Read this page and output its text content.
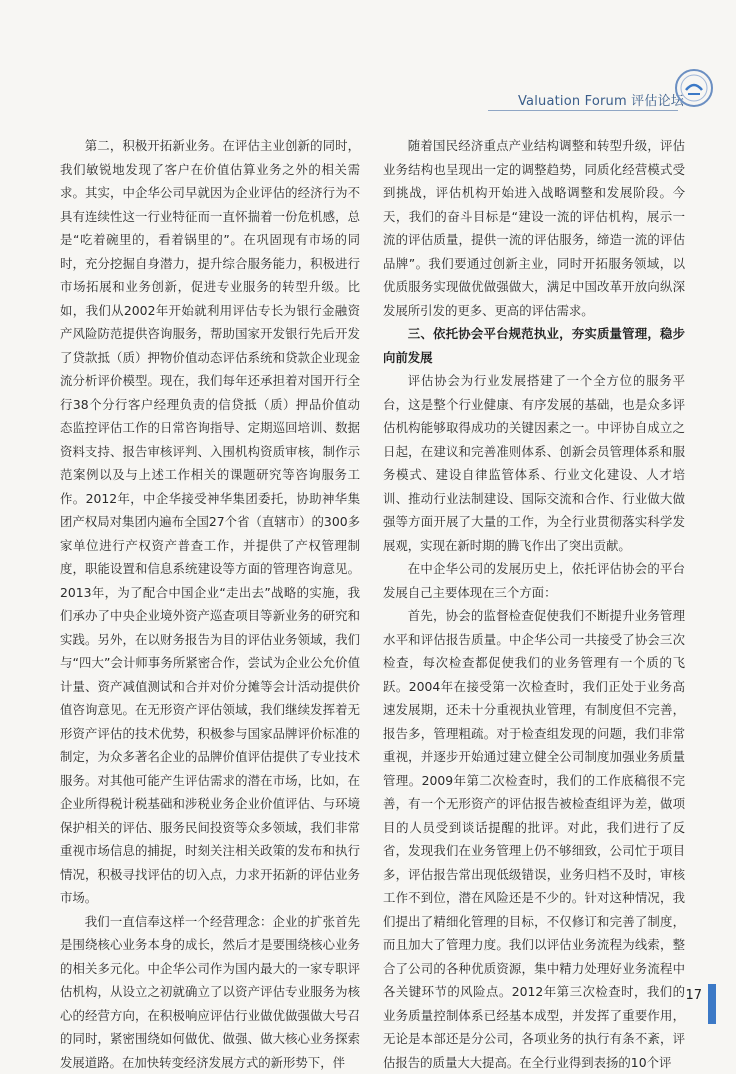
Valuation Forum 评估论坛

第二，积极开拓新业务。在评估主业创新的同时，我们敏锐地发现了客户在价值估算业务之外的相关需求。其实，中企华公司早就因为企业评估的经济行为不具有连续性这一行业特征而一直怀揣着一份危机感，总是“吃着碗里的，看着锅里的”。在巩固现有市场的同时，充分挖掘自身潜力，提升综合服务能力，积极进行市场拓展和业务创新，促进专业服务的转型升级。比如，我们从2002年开始就利用评估专长为银行金融资产风险防范提供咨询服务，帮助国家开发银行先后开发了贷款抵（质）押物价值动态评估系统和贷款企业现金流分析评价模型。现在，我们每年还承担着对国开行全行38个分行客户经理负责的信贷抵（质）押品价值动态监控评估工作的日常咨询指导、定期巡回培训、数据资料支持、报告审核评判、入围机构资质审核，制作示范案例以及与上述工作相关的课题研究等咨询服务工作。2012年，中企华接受神华集团委托，协助神华集团产权局对集团内遍布全国27个省（直辖市）的300多家单位进行产权资产普查工作，并提供了产权管理制度，职能设置和信息系统建设等方面的管理咨询意见。2013年，为了配合中国企业“走出去”战略的实施，我们承办了中央企业境外资产巡查项目等新业务的研究和实践。另外，在以财务报告为目的评估业务领域，我们与“四大”会计师事务所紧密合作，尝试为企业公允价值计量、资产减值测试和合并对价分摊等会计活动提供价值咨询意见。在无形资产评估领域，我们继续发挥着无形资产评估的技术优势，积极参与国家品牌评价标准的制定，为众多著名企业的品牌价值评估提供了专业技术服务。对其他可能产生评估需求的潜在市场，比如，在企业所得税计税基础和涉税业务企业价值评估、与环境保护相关的评估、服务民间投资等众多领域，我们非常重视市场信息的捕捉，时刻关注相关政策的发布和执行情况，积极寻找评估的切入点，力求开拓新的评估业务市场。

我们一直信奉这样一个经营理念：企业的扩张首先是围绕核心业务本身的成长，然后才是要围绕核心业务的相关多元化。中企华公司作为国内最大的一家专职评估机构，从设立之初就确立了以资产评估专业服务为核心的经营方向，在积极响应评估行业做优做强做大号召的同时，紧密围绕如何做优、做强、做大核心业务探索发展道路。在加快转变经济发展方式的新形势下，伴

随着国民经济重点产业结构调整和转型升级，评估业务结构也呈现出一定的调整趋势，同质化经营模式受到挑战，评估机构开始进入战略调整和发展阶段。今天，我们的奋斗目标是“建设一流的评估机构，展示一流的评估质量，提供一流的评估服务，缔造一流的评估品牌”。我们要通过创新主业，同时开拓服务领域，以优质服务实现做优做强做大，满足中国改革开放向纵深发展所引发的更多、更高的评估需求。

三、依托协会平台规范执业，夯实质量管理，稳步向前发展

评估协会为行业发展搭建了一个全方位的服务平台，这是整个行业健康、有序发展的基础，也是众多评估机构能够取得成功的关键因素之一。中评协自成立之日起，在建议和完善准则体系、创新会员管理体系和服务模式、建设自律监管体系、行业文化建设、人才培训、推动行业法制建设、国际交流和合作、行业做大做强等方面开展了大量的工作，为全行业贯彻落实科学发展观，实现在新时期的腾飞作出了突出贡献。

在中企华公司的发展历史上，依托评估协会的平台发展自己主要体现在三个方面：

首先，协会的监督检查促使我们不断提升业务管理水平和评估报告质量。中企华公司一共接受了协会三次检查，每次检查都促使我们的业务管理有一个质的飞跃。2004年在接受第一次检查时，我们正处于业务高速发展期，还未十分重视执业管理，有制度但不完善，报告多，管理粗疏。对于检查组发现的问题，我们非常重视，并逐步开始通过建立健全公司制度加强业务质量管理。2009年第二次检查时，我们的工作底稿很不完善，有一个无形资产的评估报告被检查组评为差，做项目的人员受到谈话提醒的批评。对此，我们进行了反省，发现我们在业务管理上仍不够细致，公司忙于项目多，评估报告常出现低级错误，业务归档不及时，审核工作不到位，潜在风险还是不少的。针对这种情况，我们提出了精细化管理的目标，不仅修订和完善了制度，而且加大了管理力度。我们以评估业务流程为线索，整合了公司的各种优质资源，集中精力处理好业务流程中各关键环节的风险点。2012年第三次检查时，我们的业务质量控制体系已经基本成型，并发挥了重要作用，无论是本部还是分公司，各项业务的执行有条不紊，评估报告的质量大大提高。在全行业得到表扬的10个评

17
